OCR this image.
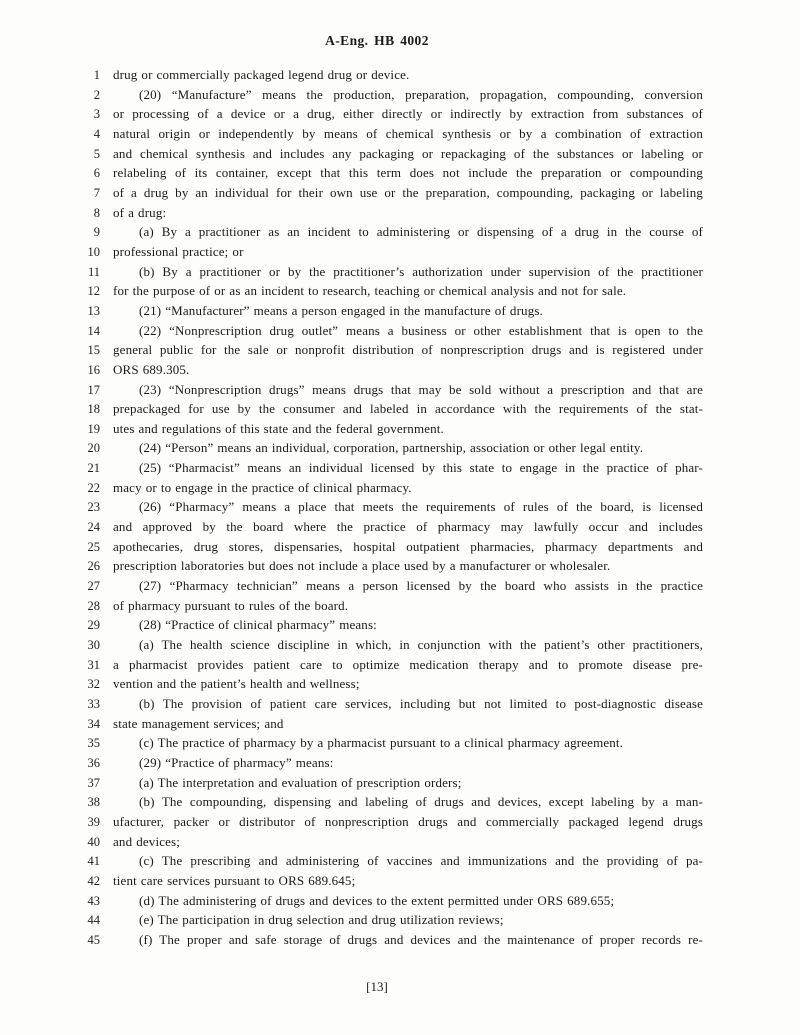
A-Eng. HB 4002
1 drug or commercially packaged legend drug or device.
2	(20) “Manufacture” means the production, preparation, propagation, compounding, conversion
3 or processing of a device or a drug, either directly or indirectly by extraction from substances of
4 natural origin or independently by means of chemical synthesis or by a combination of extraction
5 and chemical synthesis and includes any packaging or repackaging of the substances or labeling or
6 relabeling of its container, except that this term does not include the preparation or compounding
7 of a drug by an individual for their own use or the preparation, compounding, packaging or labeling
8 of a drug:
9	(a) By a practitioner as an incident to administering or dispensing of a drug in the course of
10 professional practice; or
11	(b) By a practitioner or by the practitioner’s authorization under supervision of the practitioner
12 for the purpose of or as an incident to research, teaching or chemical analysis and not for sale.
13	(21) “Manufacturer” means a person engaged in the manufacture of drugs.
14	(22) “Nonprescription drug outlet” means a business or other establishment that is open to the
15 general public for the sale or nonprofit distribution of nonprescription drugs and is registered under
16 ORS 689.305.
17	(23) “Nonprescription drugs” means drugs that may be sold without a prescription and that are
18 prepackaged for use by the consumer and labeled in accordance with the requirements of the stat-
19 utes and regulations of this state and the federal government.
20	(24) “Person” means an individual, corporation, partnership, association or other legal entity.
21	(25) “Pharmacist” means an individual licensed by this state to engage in the practice of phar-
22 macy or to engage in the practice of clinical pharmacy.
23	(26) “Pharmacy” means a place that meets the requirements of rules of the board, is licensed
24 and approved by the board where the practice of pharmacy may lawfully occur and includes
25 apothecaries, drug stores, dispensaries, hospital outpatient pharmacies, pharmacy departments and
26 prescription laboratories but does not include a place used by a manufacturer or wholesaler.
27	(27) “Pharmacy technician” means a person licensed by the board who assists in the practice
28 of pharmacy pursuant to rules of the board.
29	(28) “Practice of clinical pharmacy” means:
30	(a) The health science discipline in which, in conjunction with the patient’s other practitioners,
31 a pharmacist provides patient care to optimize medication therapy and to promote disease pre-
32 vention and the patient’s health and wellness;
33	(b) The provision of patient care services, including but not limited to post-diagnostic disease
34 state management services; and
35	(c) The practice of pharmacy by a pharmacist pursuant to a clinical pharmacy agreement.
36	(29) “Practice of pharmacy” means:
37	(a) The interpretation and evaluation of prescription orders;
38	(b) The compounding, dispensing and labeling of drugs and devices, except labeling by a man-
39 ufacturer, packer or distributor of nonprescription drugs and commercially packaged legend drugs
40 and devices;
41	(c) The prescribing and administering of vaccines and immunizations and the providing of pa-
42 tient care services pursuant to ORS 689.645;
43	(d) The administering of drugs and devices to the extent permitted under ORS 689.655;
44	(e) The participation in drug selection and drug utilization reviews;
45	(f) The proper and safe storage of drugs and devices and the maintenance of proper records re-
[13]
